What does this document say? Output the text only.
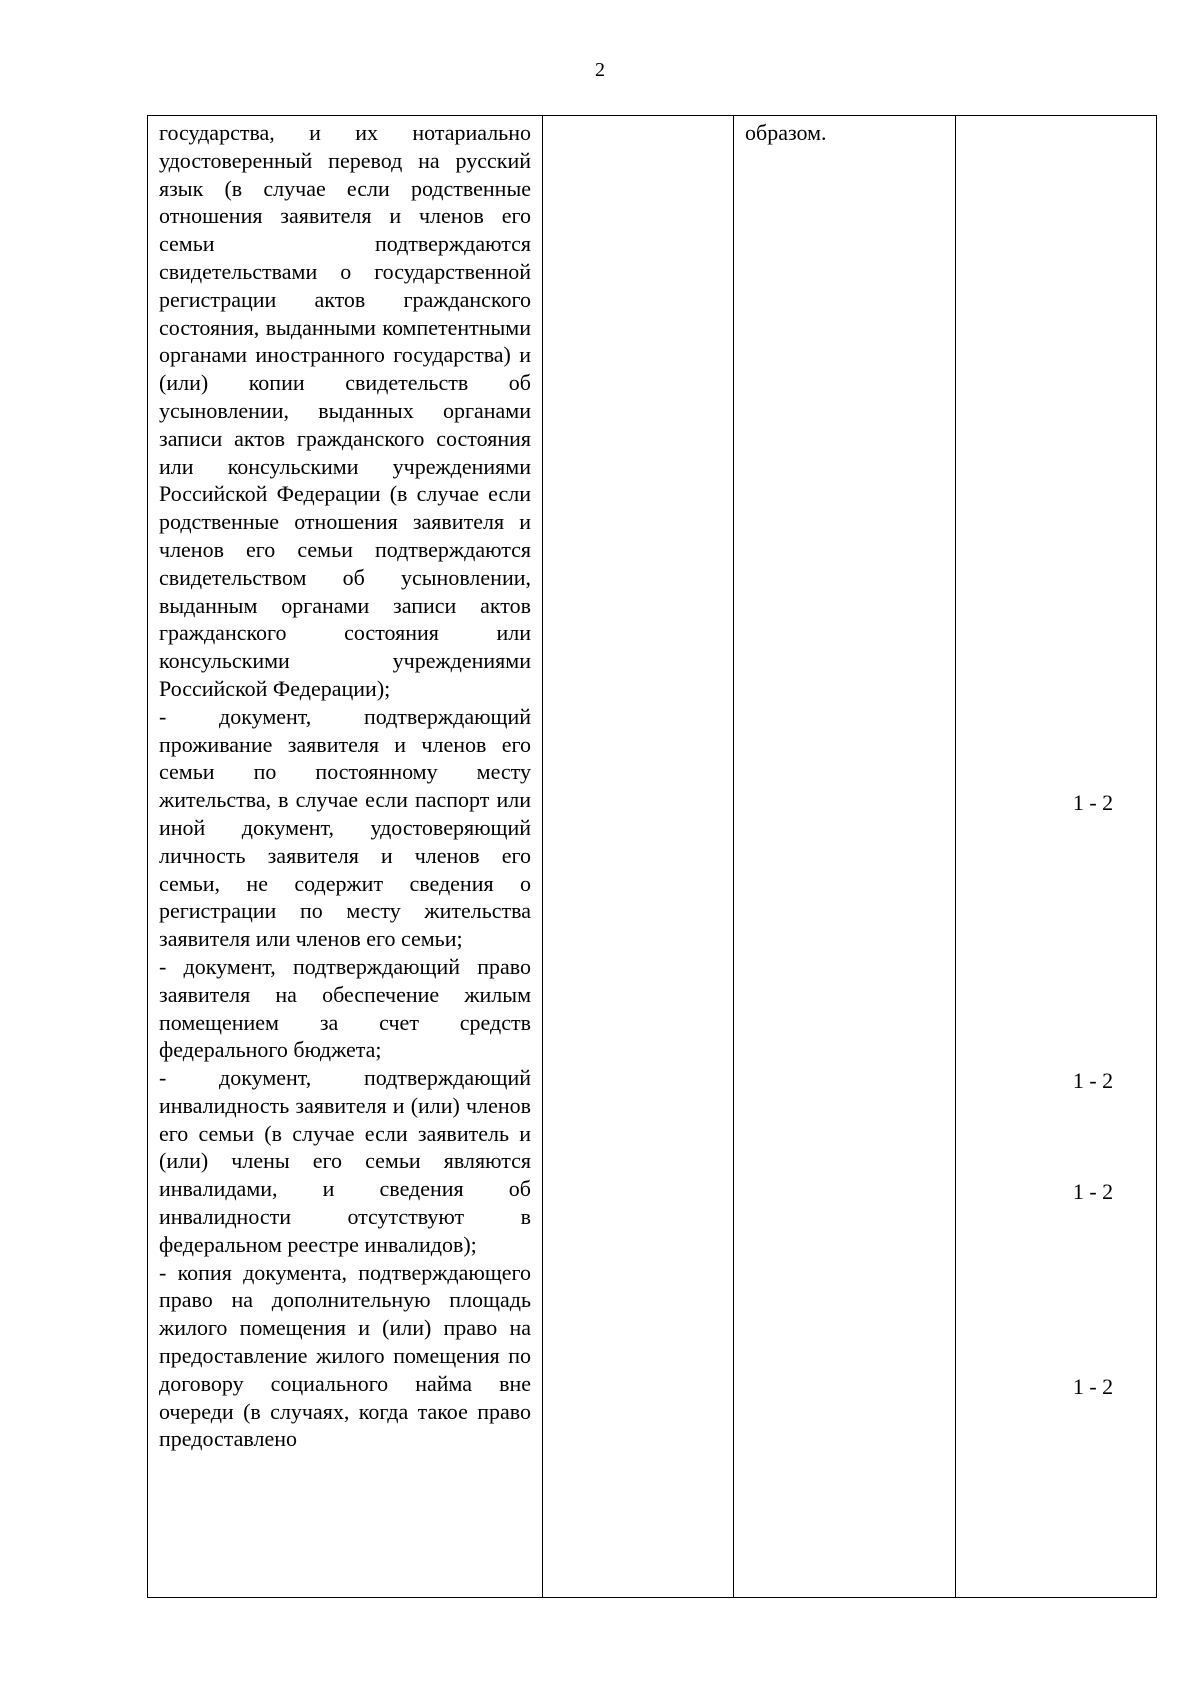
2
государства, и их нотариально удостоверенный перевод на русский язык (в случае если родственные отношения заявителя и членов его семьи подтверждаются свидетельствами о государственной регистрации актов гражданского состояния, выданными компетентными органами иностранного государства) и (или) копии свидетельств об усыновлении, выданных органами записи актов гражданского состояния или консульскими учреждениями Российской Федерации (в случае если родственные отношения заявителя и членов его семьи подтверждаются свидетельством об усыновлении, выданным органами записи актов гражданского состояния или консульскими учреждениями Российской Федерации);
- документ, подтверждающий проживание заявителя и членов его семьи по постоянному месту жительства, в случае если паспорт или иной документ, удостоверяющий личность заявителя и членов его семьи, не содержит сведения о регистрации по месту жительства заявителя или членов его семьи;
- документ, подтверждающий право заявителя на обеспечение жилым помещением за счет средств федерального бюджета;
- документ, подтверждающий инвалидность заявителя и (или) членов его семьи (в случае если заявитель и (или) члены его семьи являются инвалидами, и сведения об инвалидности отсутствуют в федеральном реестре инвалидов);
- копия документа, подтверждающего право на дополнительную площадь жилого помещения и (или) право на предоставление жилого помещения по договору социального найма вне очереди (в случаях, когда такое право предоставлено
образом.
1 - 2
1 - 2
1 - 2
1 - 2
